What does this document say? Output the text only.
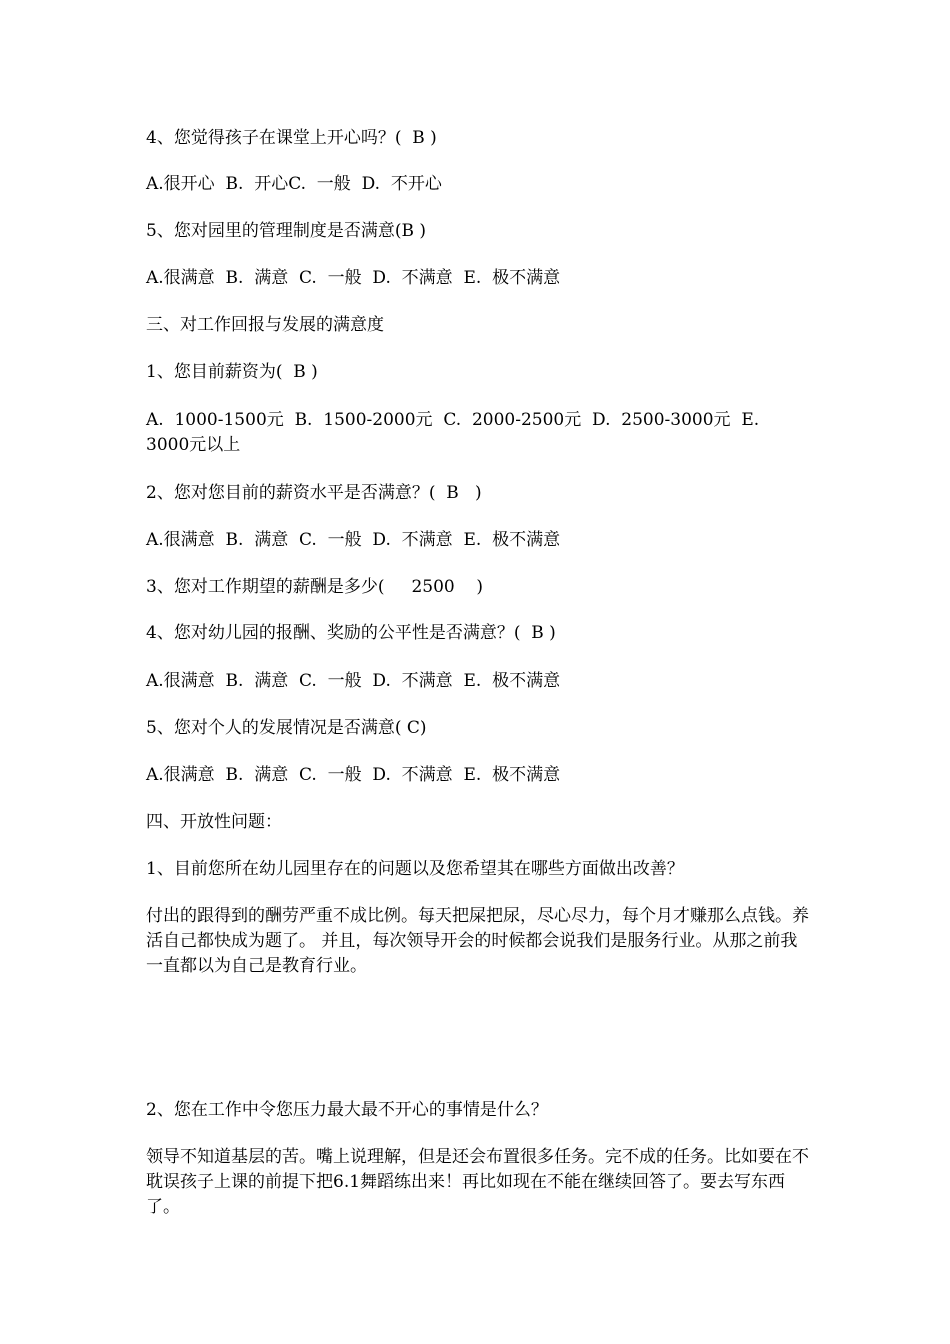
4、您觉得孩子在课堂上开心吗？(  B )
A.很开心  B.  开心C.  一般  D.  不开心
5、您对园里的管理制度是否满意(B )
A.很满意  B.  满意  C.  一般  D.  不满意  E.  极不满意
三、对工作回报与发展的满意度
1、您目前薪资为(  B )
A.  1000-1500元  B.  1500-2000元  C.  2000-2500元  D.  2500-3000元  E.
3000元以上
2、您对您目前的薪资水平是否满意？(  B   )
A.很满意  B.  满意  C.  一般  D.  不满意  E.  极不满意
3、您对工作期望的薪酬是多少(     2500    )
4、您对幼儿园的报酬、奖励的公平性是否满意？(  B )
A.很满意  B.  满意  C.  一般  D.  不满意  E.  极不满意
5、您对个人的发展情况是否满意( C)
A.很满意  B.  满意  C.  一般  D.  不满意  E.  极不满意
四、开放性问题：
1、目前您所在幼儿园里存在的问题以及您希望其在哪些方面做出改善？
付出的跟得到的酬劳严重不成比例。每天把屎把尿，尽心尽力，每个月才赚那么点钱。养活自己都快成为题了。 并且，每次领导开会的时候都会说我们是服务行业。从那之前我一直都以为自己是教育行业。
2、您在工作中令您压力最大最不开心的事情是什么？
领导不知道基层的苦。嘴上说理解，但是还会布置很多任务。完不成的任务。比如要在不耽误孩子上课的前提下把6.1舞蹈练出来！再比如现在不能在继续回答了。要去写东西了。
